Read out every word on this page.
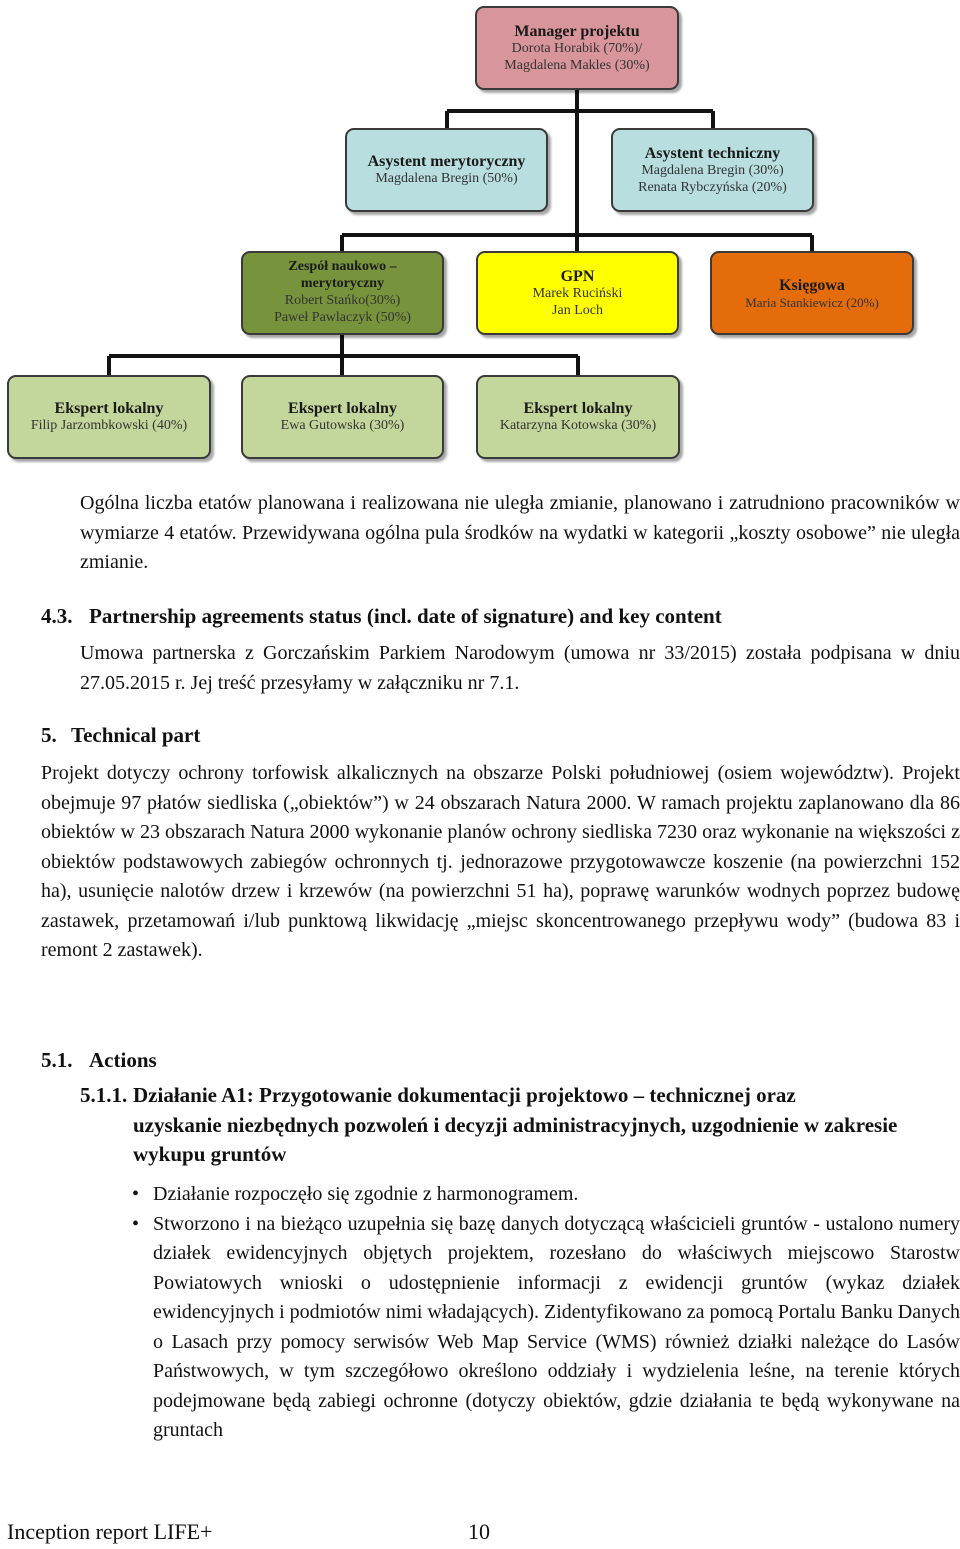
Manager projektu
Dorota Horabik (70%)/
Magdalena Makles (30%)
Asystent merytoryczny
Magdalena Bregin (50%)
Asystent techniczny
Magdalena Bregin (30%)
Renata Rybczyńska (20%)
Zespół naukowo –
merytoryczny
Robert Stańko(30%)
Paweł Pawlaczyk (50%)
GPN
Marek Ruciński
Jan Loch
Księgowa
Maria Stankiewicz (20%)
Ekspert lokalny
Filip Jarzombkowski (40%)
Ekspert lokalny
Ewa Gutowska (30%)
Ekspert lokalny
Katarzyna Kotowska (30%)

Ogólna liczba etatów planowana i realizowana nie uległa zmianie, planowano i zatrudniono pracowników w wymiarze 4 etatów. Przewidywana ogólna pula środków na wydatki w kategorii „koszty osobowe” nie uległa zmianie.

4.3. Partnership agreements status (incl. date of signature) and key content

Umowa partnerska z Gorczańskim Parkiem Narodowym (umowa nr 33/2015) została podpisana w dniu 27.05.2015 r. Jej treść przesyłamy w załączniku nr 7.1.

5. Technical part

Projekt dotyczy ochrony torfowisk alkalicznych na obszarze Polski południowej (osiem województw). Projekt obejmuje 97 płatów siedliska („obiektów”) w 24 obszarach Natura 2000. W ramach projektu zaplanowano dla 86 obiektów w 23 obszarach Natura 2000 wykonanie planów ochrony siedliska 7230 oraz wykonanie na większości z obiektów podstawowych zabiegów ochronnych tj. jednorazowe przygotowawcze koszenie (na powierzchni 152 ha), usunięcie nalotów drzew i krzewów (na powierzchni 51 ha), poprawę warunków wodnych poprzez budowę zastawek, przetamowań i/lub punktową likwidację „miejsc skoncentrowanego przepływu wody” (budowa 83 i remont 2 zastawek).

5.1. Actions
5.1.1. Działanie A1: Przygotowanie dokumentacji projektowo – technicznej oraz
uzyskanie niezbędnych pozwoleń i decyzji administracyjnych, uzgodnienie w zakresie wykupu gruntów
• Działanie rozpoczęło się zgodnie z harmonogramem.
• Stworzono i na bieżąco uzupełnia się bazę danych dotyczącą właścicieli gruntów - ustalono numery działek ewidencyjnych objętych projektem, rozesłano do właściwych miejscowo Starostw Powiatowych wnioski o udostępnienie informacji z ewidencji gruntów (wykaz działek ewidencyjnych i podmiotów nimi władających). Zidentyfikowano za pomocą Portalu Banku Danych o Lasach przy pomocy serwisów Web Map Service (WMS) również działki należące do Lasów Państwowych, w tym szczegółowo określono oddziały i wydzielenia leśne, na terenie których podejmowane będą zabiegi ochronne (dotyczy obiektów, gdzie działania te będą wykonywane na gruntach
Inception report LIFE+	10
